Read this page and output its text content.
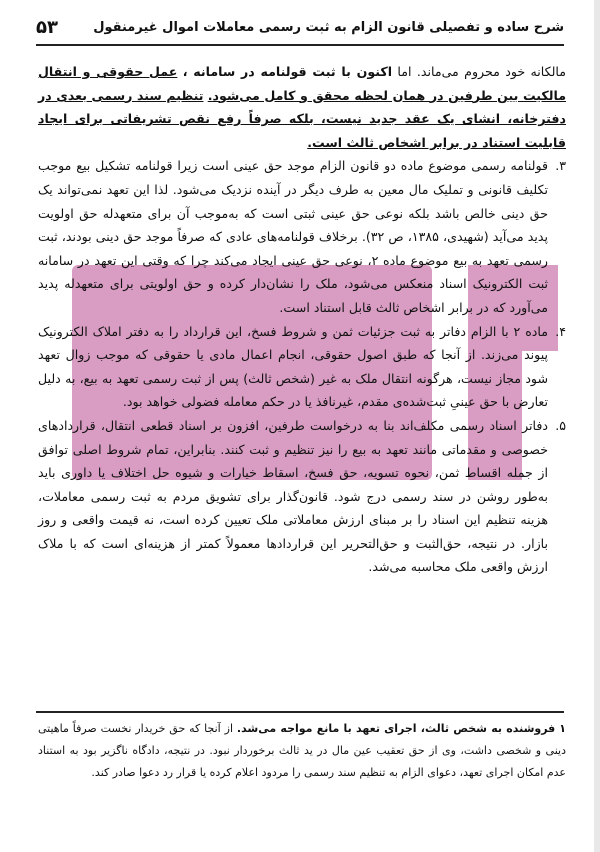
شرح ساده و تفصیلی قانون الزام به ثبت رسمی معاملات اموال غیرمنقول
۵۳

مالکانه خود محروم می‌ماند. اما اکنون با ثبت قولنامه در سامانه ، عمل حقوقی و انتقال مالکیت بین طرفین در همان لحظه محقق و کامل می‌شود. تنظیم سند رسمی بعدی در دفترخانه، انشای یک عقد جدید نیست، بلکه صرفاً رفع نقص تشریفاتی برای ایجاد قابلیت استناد در برابر اشخاص ثالث است.

۳.
قولنامه رسمی موضوع ماده دو قانون الزام موجد حق عینی است زیرا قولنامه تشکیل بیع موجب تکلیف قانونی و تملیک مال معین به طرف دیگر در آینده نزدیک می‌شود. لذا این تعهد نمی‌تواند یک حق دینی خالص باشد بلکه نوعی حق عینی ثبتی است که به‌موجب آن برای متعهدله حق اولویت پدید می‌آید (شهیدی، ۱۳۸۵، ص ۳۲). برخلاف قولنامه‌های عادی که صرفاً موجد حق دینی بودند، ثبت رسمی تعهد به بیع موضوع ماده ۲، نوعی حق عینی ایجاد می‌کند چرا که وقتی این تعهد در سامانه ثبت الکترونیک اسناد منعکس می‌شود، ملک را نشان‌دار کرده و حق اولویتی برای متعهدله پدید می‌آورد که در برابر اشخاص ثالث قابل استناد است.
۴.
ماده ۲ با الزام دفاتر به ثبت جزئیات ثمن و شروط فسخ، این قرارداد را به دفتر املاک الکترونیک پیوند می‌زند. از آنجا که طبق اصول حقوقی، انجام اعمال مادی یا حقوقی که موجب زوال تعهد شود مجاز نیست، هرگونه انتقال ملک به غیر (شخص ثالث) پس از ثبت رسمی تعهد به بیع، به دلیل تعارض با حق عینیِ ثبت‌شده‌ی مقدم، غیرنافذ یا در حکم معامله فضولی خواهد بود.
۵.
دفاتر اسناد رسمی مکلف‌اند بنا به درخواست طرفین، افزون بر اسناد قطعی انتقال، قراردادهای خصوصی و مقدماتی مانند تعهد به بیع را نیز تنظیم و ثبت کنند. بنابراین، تمام شروط اصلی توافق از جمله اقساط ثمن، نحوه تسویه، حق فسخ، اسقاط خیارات و شیوه حل اختلاف یا داوری باید به‌طور روشن در سند رسمی درج شود. قانون‌گذار برای تشویق مردم به ثبت رسمی معاملات، هزینه تنظیم این اسناد را بر مبنای ارزش معاملاتی ملک تعیین کرده است، نه قیمت واقعی و روز بازار. در نتیجه، حق‌الثبت و حق‌التحریر این قراردادها معمولاً کمتر از هزینه‌ای است که با ملاک ارزش واقعی ملک محاسبه می‌شد.
۱فروشنده به شخص ثالث، اجرای تعهد با مانع مواجه می‌شد. از آنجا که حق خریدار نخست صرفاً ماهیتی دینی و شخصی داشت، وی از حق تعقیب عین مال در ید ثالث برخوردار نبود. در نتیجه، دادگاه ناگزیر بود به استناد عدم امکان اجرای تعهد، دعوای الزام به تنظیم سند رسمی را مردود اعلام کرده یا قرار رد دعوا صادر کند.
